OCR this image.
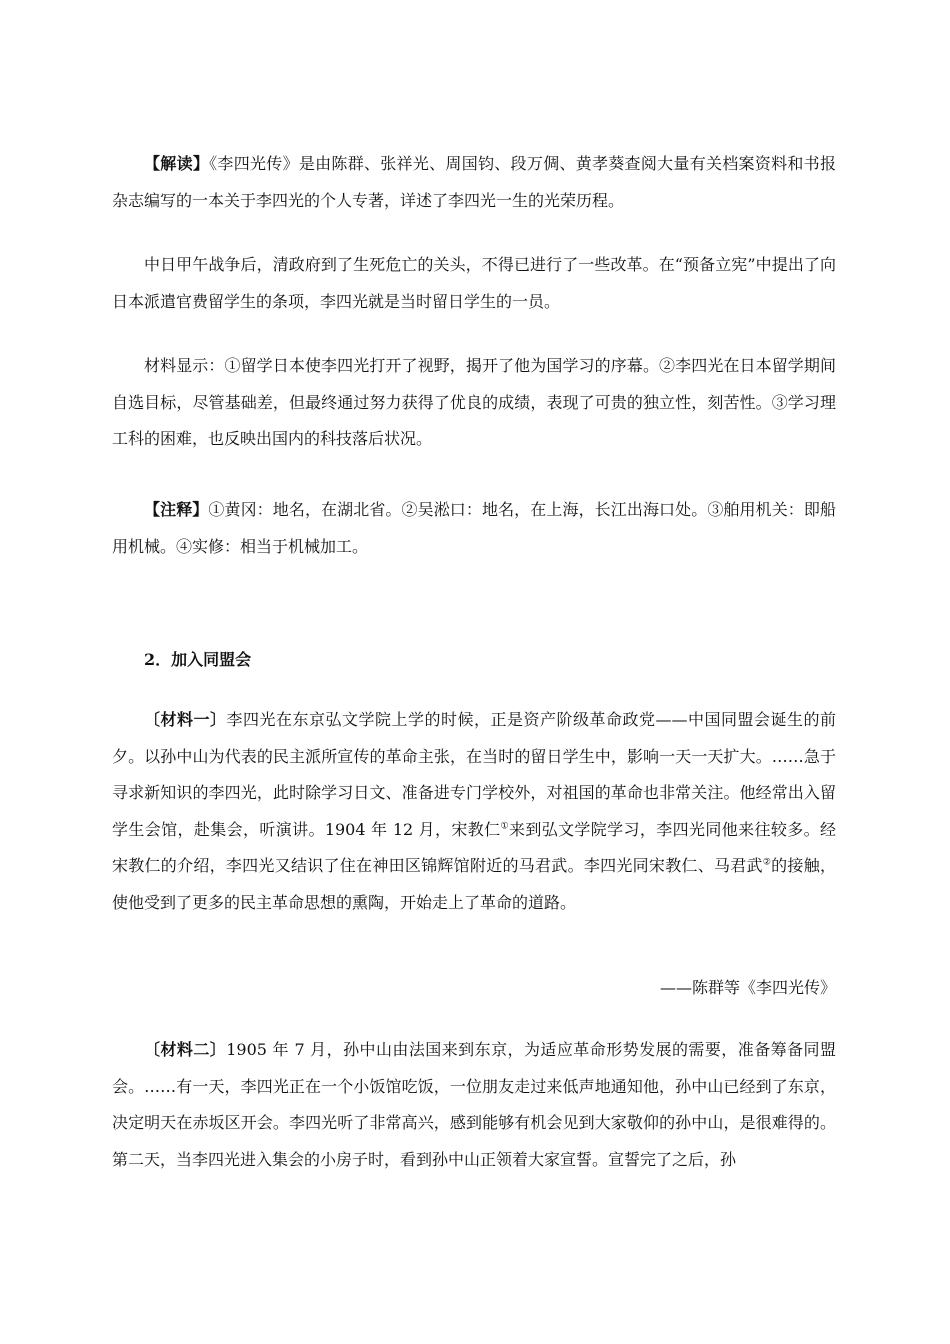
【解读】《李四光传》是由陈群、张祥光、周国钧、段万倜、黄孝葵查阅大量有关档案资料和书报杂志编写的一本关于李四光的个人专著，详述了李四光一生的光荣历程。

中日甲午战争后，清政府到了生死危亡的关头，不得已进行了一些改革。在“预备立宪”中提出了向日本派遣官费留学生的条项，李四光就是当时留日学生的一员。

材料显示：①留学日本使李四光打开了视野，揭开了他为国学习的序幕。②李四光在日本留学期间自选目标，尽管基础差，但最终通过努力获得了优良的成绩，表现了可贵的独立性，刻苦性。③学习理工科的困难，也反映出国内的科技落后状况。

【注释】①黄冈：地名，在湖北省。②吴淞口：地名，在上海，长江出海口处。③舶用机关：即船用机械。④实修：相当于机械加工。

2．加入同盟会

〔材料一〕李四光在东京弘文学院上学的时候，正是资产阶级革命政党——中国同盟会诞生的前夕。以孙中山为代表的民主派所宣传的革命主张，在当时的留日学生中，影响一天一天扩大。……急于寻求新知识的李四光，此时除学习日文、准备进专门学校外，对祖国的革命也非常关注。他经常出入留学生会馆，赴集会，听演讲。1904 年 12 月，宋教仁①来到弘文学院学习，李四光同他来往较多。经宋教仁的介绍，李四光又结识了住在神田区锦辉馆附近的马君武。李四光同宋教仁、马君武②的接触，使他受到了更多的民主革命思想的熏陶，开始走上了革命的道路。

——陈群等《李四光传》

〔材料二〕1905 年 7 月，孙中山由法国来到东京，为适应革命形势发展的需要，准备筹备同盟会。……有一天，李四光正在一个小饭馆吃饭，一位朋友走过来低声地通知他，孙中山已经到了东京，决定明天在赤坂区开会。李四光听了非常高兴，感到能够有机会见到大家敬仰的孙中山，是很难得的。第二天，当李四光进入集会的小房子时，看到孙中山正领着大家宣誓。宣誓完了之后，孙
